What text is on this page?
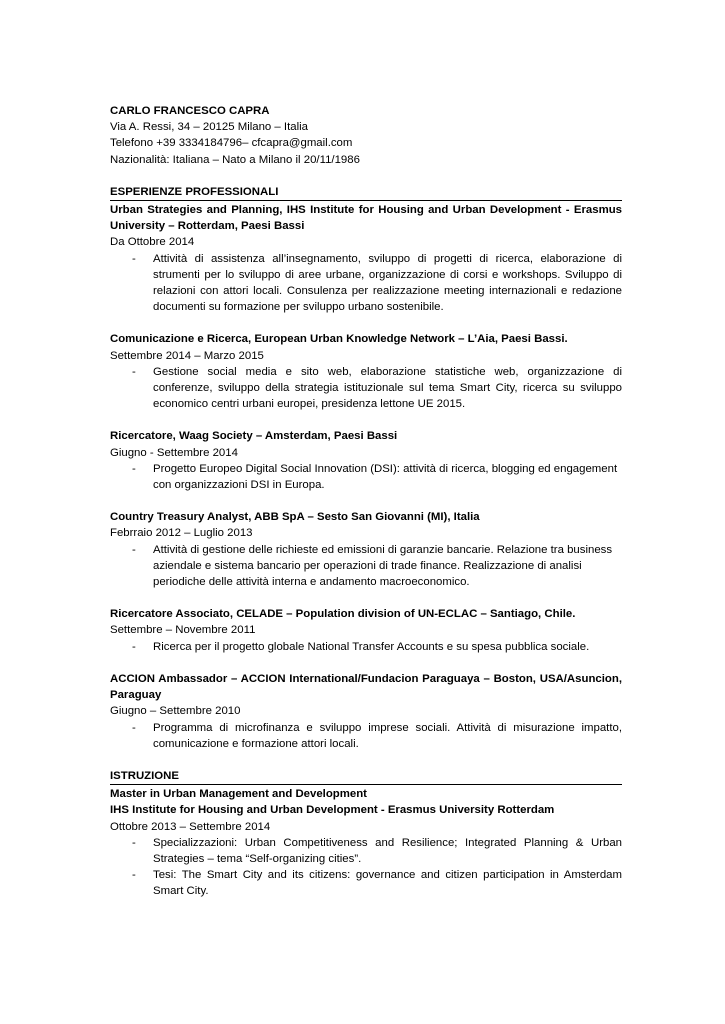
CARLO FRANCESCO CAPRA
Via A. Ressi, 34 – 20125 Milano – Italia
Telefono +39 3334184796– cfcapra@gmail.com
Nazionalità: Italiana – Nato a Milano il 20/11/1986
ESPERIENZE PROFESSIONALI
Urban Strategies and Planning, IHS Institute for Housing and Urban Development - Erasmus University – Rotterdam, Paesi Bassi
Da Ottobre 2014
- Attività di assistenza all’insegnamento, sviluppo di progetti di ricerca, elaborazione di strumenti per lo sviluppo di aree urbane, organizzazione di corsi e workshops. Sviluppo di relazioni con attori locali. Consulenza per realizzazione meeting internazionali e redazione documenti su formazione per sviluppo urbano sostenibile.
Comunicazione e Ricerca, European Urban Knowledge Network – L’Aia, Paesi Bassi.
Settembre 2014 – Marzo 2015
- Gestione social media e sito web, elaborazione statistiche web, organizzazione di conferenze, sviluppo della strategia istituzionale sul tema Smart City, ricerca su sviluppo economico centri urbani europei, presidenza lettone UE 2015.
Ricercatore, Waag Society – Amsterdam, Paesi Bassi
Giugno - Settembre 2014
- Progetto Europeo Digital Social Innovation (DSI): attività di ricerca, blogging ed engagement con organizzazioni DSI in Europa.
Country Treasury Analyst, ABB SpA – Sesto San Giovanni (MI), Italia
Febrraio 2012 – Luglio 2013
- Attività di gestione delle richieste ed emissioni di garanzie bancarie. Relazione tra business aziendale e sistema bancario per operazioni di trade finance. Realizzazione di analisi periodiche delle attività interna e andamento macroeconomico.
Ricercatore Associato, CELADE – Population division of UN-ECLAC – Santiago, Chile.
Settembre – Novembre 2011
- Ricerca per il progetto globale National Transfer Accounts e su spesa pubblica sociale.
ACCION Ambassador – ACCION International/Fundacion Paraguaya – Boston, USA/Asuncion, Paraguay
Giugno – Settembre 2010
- Programma di microfinanza e sviluppo imprese sociali. Attività di misurazione impatto, comunicazione e formazione attori locali.
ISTRUZIONE
Master in Urban Management and Development
IHS Institute for Housing and Urban Development - Erasmus University Rotterdam
Ottobre 2013 – Settembre 2014
- Specializzazioni: Urban Competitiveness and Resilience; Integrated Planning & Urban Strategies – tema “Self-organizing cities”.
- Tesi: The Smart City and its citizens: governance and citizen participation in Amsterdam Smart City.
